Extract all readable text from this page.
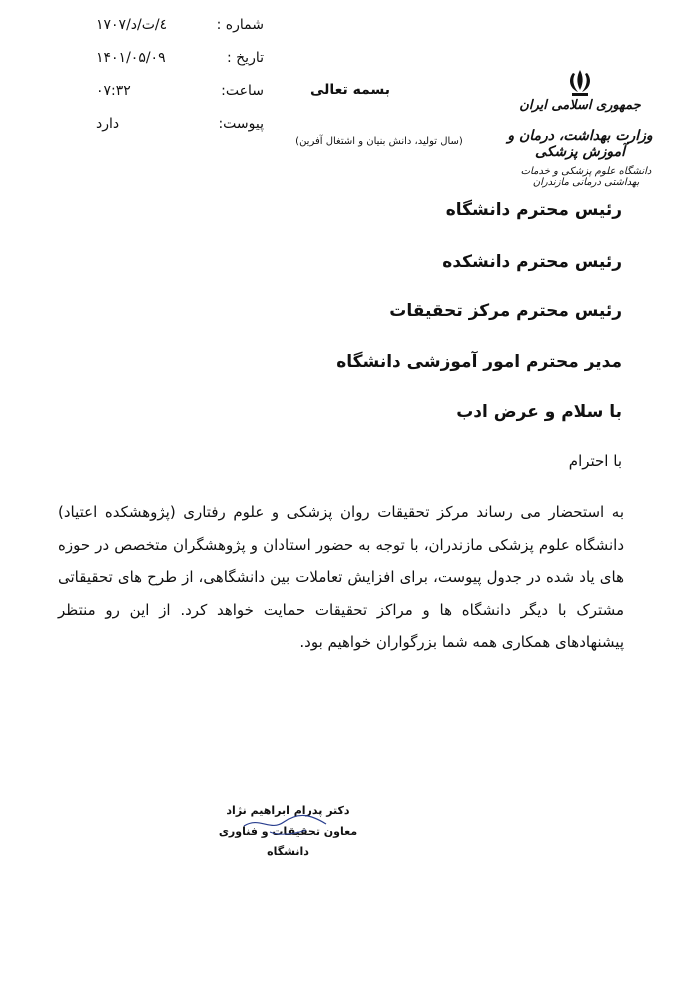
شماره :
۱۷۰۷/٤/ت/د
تاریخ :
۱۴۰۱/۰۵/۰۹
ساعت:
۰۷:۳۲
پیوست:
دارد
بسمه تعالی
(سال تولید، دانش بنیان و اشتغال آفرین)
جمهوری اسلامی ایران
وزارت بهداشت، درمان و آموزش پزشکی
دانشگاه علوم پزشکی و خدمات بهداشتی درمانی مازندران
رئیس محترم دانشگاه
رئیس محترم دانشکده
رئیس محترم مرکز تحقیقات
مدیر محترم امور آموزشی دانشگاه
با سلام و عرض ادب
با احترام
به استحضار می رساند مرکز تحقیقات روان پزشکی و علوم رفتاری (پژوهشکده اعتیاد) دانشگاه علوم پزشکی مازندران، با توجه به حضور استادان و پژوهشگران متخصص در حوزه های یاد شده در جدول پیوست، برای افزایش تعاملات بین دانشگاهی، از طرح های تحقیقاتی مشترک با دیگر دانشگاه ها و مراکز تحقیقات حمایت خواهد کرد. از این رو منتظر پیشنهادهای همکاری همه شما بزرگواران خواهیم بود.
دکتر پدرام ابراهیم نژاد
معاون تحقیقات و فناوری دانشگاه
